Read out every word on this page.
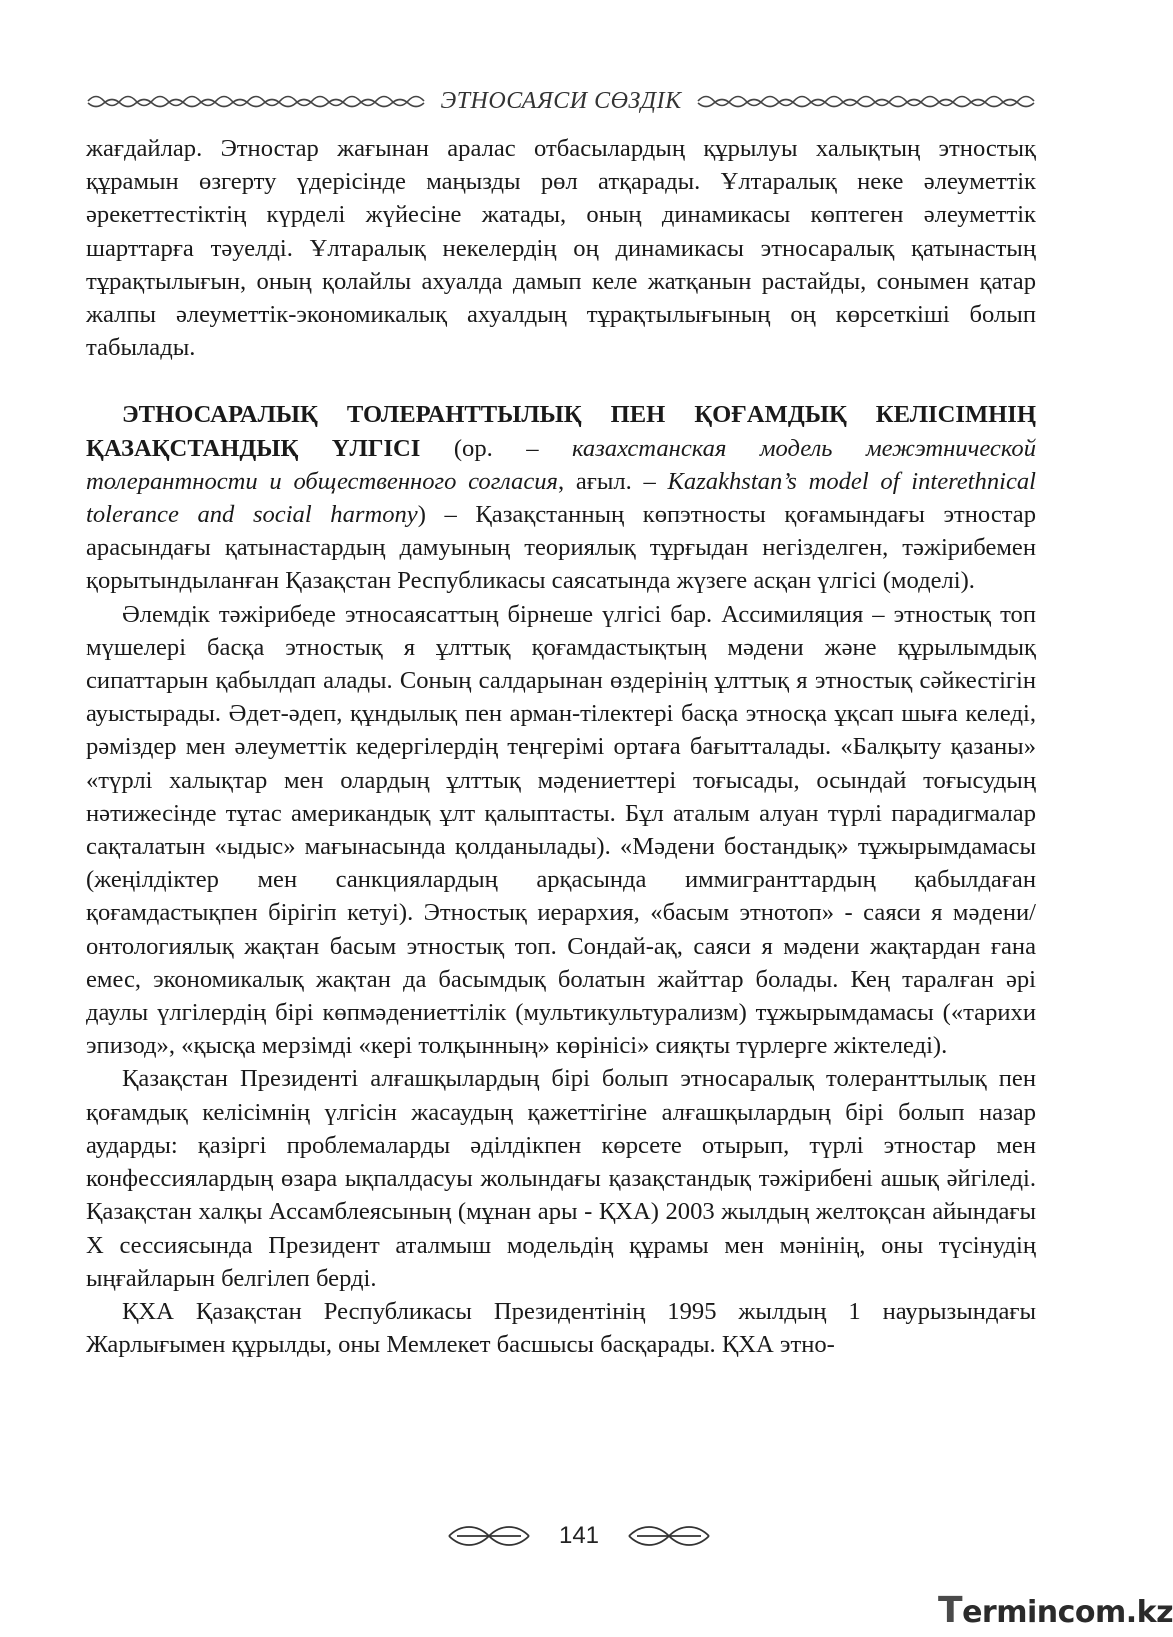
ЭТНОСАЯСИ СӨЗДІК

жағдайлар. Этностар жағынан аралас отбасылардың құрылуы халықтың этностық құрамын өзгерту үдерісінде маңызды рөл атқарады. Ұлтаралық неке әлеуметтік әрекеттестіктің күрделі жүйесіне жатады, оның динамикасы көптеген әлеуметтік шарттарға тәуелді. Ұлтаралық некелердің оң динамикасы этносаралық қатынастың тұрақтылығын, оның қолайлы ахуалда дамып келе жатқанын растайды, сонымен қатар жалпы әлеуметтік-экономикалық ахуалдың тұрақтылығының оң көрсеткіші болып табылады.

ЭТНОСАРАЛЫҚ ТОЛЕРАНТТЫЛЫҚ ПЕН ҚОҒАМДЫҚ КЕЛІСІМНІҢ ҚАЗАҚСТАНДЫҚ ҮЛГІСІ (ор. – казахстанская модель межэтнической толерантности и общественного согласия, ағыл. – Kazakhstan’s model of interethnical tolerance and social harmony) – Қазақстанның көпэтносты қоғамындағы этностар арасындағы қатынастардың дамуының теориялық тұрғыдан негізделген, тәжірибемен қорытындыланған Қазақстан Республикасы саясатында жүзеге асқан үлгісі (моделі).

Әлемдік тәжірибеде этносаясаттың бірнеше үлгісі бар. Ассимиляция – этностық топ мүшелері басқа этностық я ұлттық қоғамдастықтың мәдени және құрылымдық сипаттарын қабылдап алады. Соның салдарынан өздерінің ұлттық я этностық сәйкестігін ауыстырады. Әдет-әдеп, құндылық пен арман-тілектері басқа этносқа ұқсап шыға келеді, рәміздер мен әлеуметтік кедергілердің теңгерімі ортаға бағытталады. «Балқыту қазаны» «түрлі халықтар мен олардың ұлттық мәдениеттері тоғысады, осындай тоғысудың нәтижесінде тұтас американдық ұлт қалыптасты. Бұл аталым алуан түрлі парадигмалар сақталатын «ыдыс» мағынасында қолданылады). «Мәдени бостандық» тұжырымдамасы (жеңілдіктер мен санкциялардың арқасында иммигранттардың қабылдаған қоғамдастықпен бірігіп кетуі). Этностық иерархия, «басым этнотоп» - саяси я мәдени/онтологиялық жақтан басым этностық топ. Сондай-ақ, саяси я мәдени жақтардан ғана емес, экономикалық жақтан да басымдық болатын жайттар болады. Кең таралған әрі даулы үлгілердің бірі көпмәдениеттілік (мультикультурализм) тұжырымдамасы («тарихи эпизод», «қысқа мерзімді «кері толқынның» көрінісі» сияқты түрлерге жіктеледі).

Қазақстан Президенті алғашқылардың бірі болып этносаралық толеранттылық пен қоғамдық келісімнің үлгісін жасаудың қажеттігіне алғашқылардың бірі болып назар аударды: қазіргі проблемаларды әділдікпен көрсете отырып, түрлі этностар мен конфессиялардың өзара ықпалдасуы жолындағы қазақстандық тәжірибені ашық әйгіледі. Қазақстан халқы Ассамблеясының (мұнан ары - ҚХА) 2003 жылдың желтоқсан айындағы Х сессиясында Президент аталмыш модельдің құрамы мен мәнінің, оны түсінудің ыңғайларын белгілеп берді.

ҚХА Қазақстан Республикасы Президентінің 1995 жылдың 1 наурызындағы Жарлығымен құрылды, оны Мемлекет басшысы басқарады. ҚХА этно-

141
Termincom.kz
